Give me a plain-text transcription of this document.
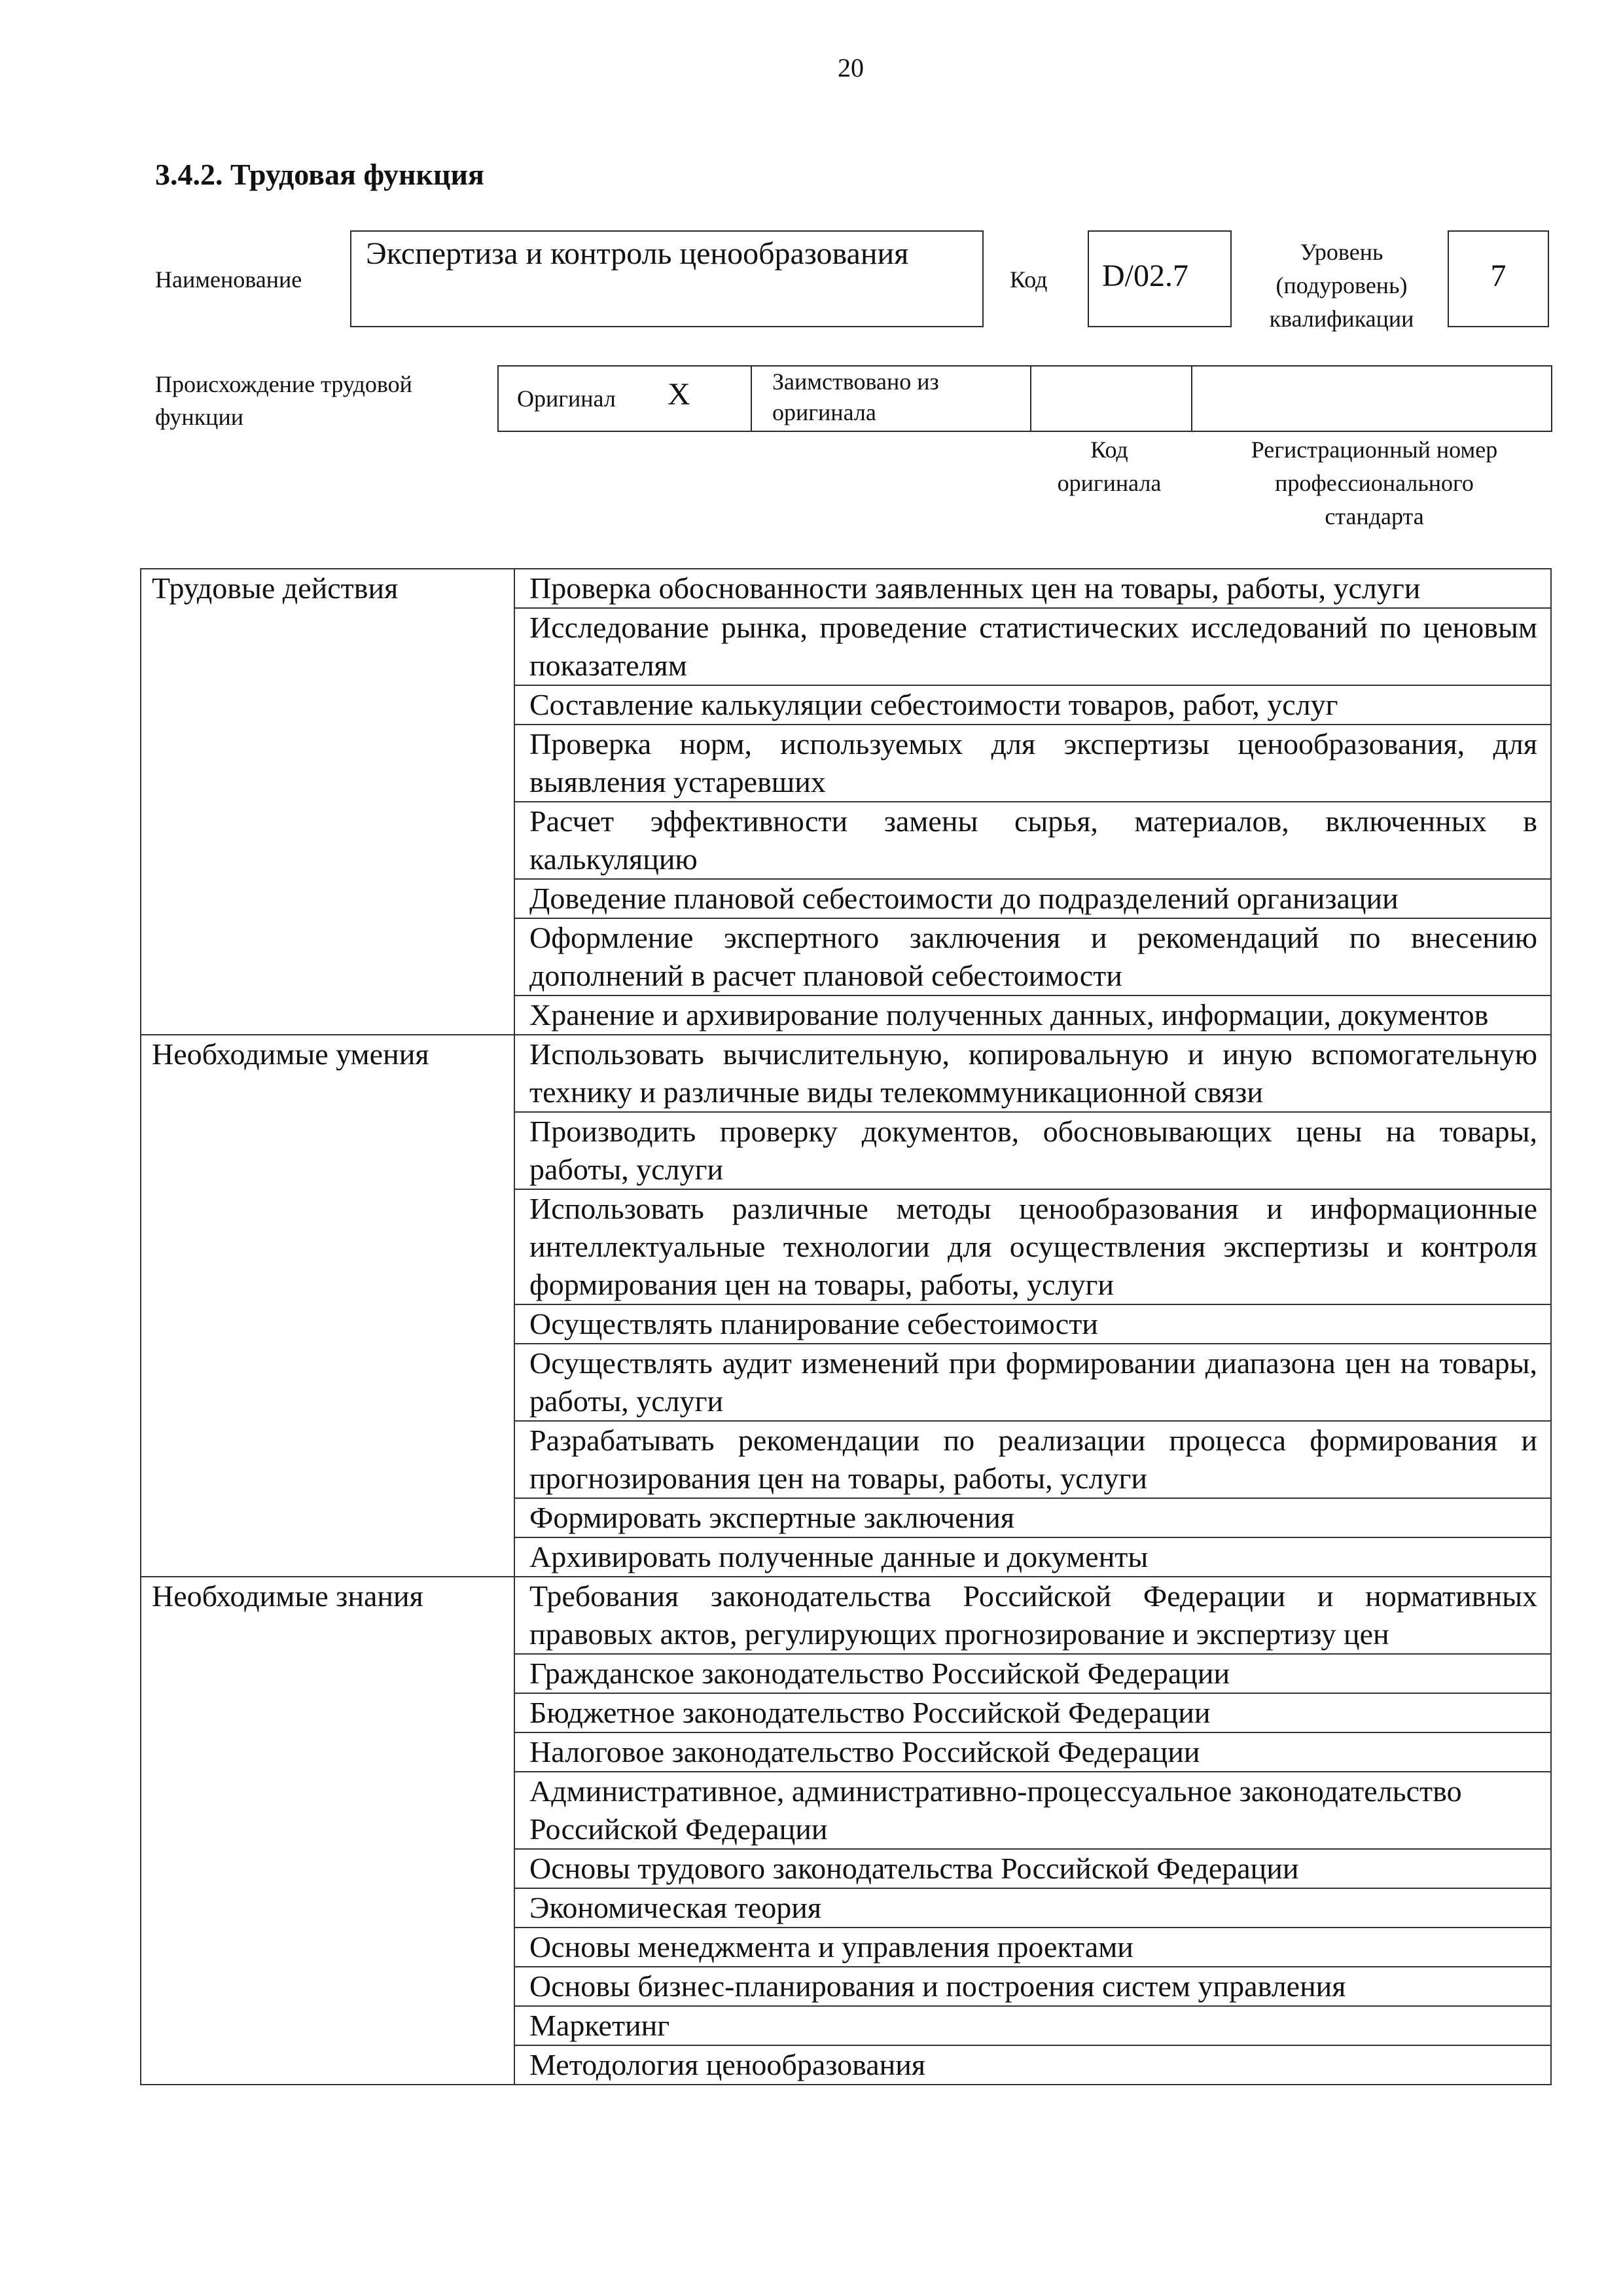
20
3.4.2. Трудовая функция
Наименование
Экспертиза и контроль ценообразования
Код D/02.7
Уровень
(подуровень)
квалификации
7
Происхождение трудовой
функции
Оригинал X	Заимствовано из
оригинала
Код
оригинала
Регистрационный номер
профессионального
стандарта
Трудовые действия	Проверка обоснованности заявленных цен на товары, работы, услуги
	Исследование рынка, проведение статистических исследований по ценовым показателям
	Составление калькуляции себестоимости товаров, работ, услуг
	Проверка норм, используемых для экспертизы ценообразования, для выявления устаревших
	Расчет эффективности замены сырья, материалов, включенных в калькуляцию
	Доведение плановой себестоимости до подразделений организации
	Оформление экспертного заключения и рекомендаций по внесению дополнений в расчет плановой себестоимости
	Хранение и архивирование полученных данных, информации, документов
Необходимые умения	Использовать вычислительную, копировальную и иную вспомогательную технику и различные виды телекоммуникационной связи
	Производить проверку документов, обосновывающих цены на товары, работы, услуги
	Использовать различные методы ценообразования и информационные интеллектуальные технологии для осуществления экспертизы и контроля формирования цен на товары, работы, услуги
	Осуществлять планирование себестоимости
	Осуществлять аудит изменений при формировании диапазона цен на товары, работы, услуги
	Разрабатывать рекомендации по реализации процесса формирования и прогнозирования цен на товары, работы, услуги
	Формировать экспертные заключения
	Архивировать полученные данные и документы
Необходимые знания	Требования законодательства Российской Федерации и нормативных правовых актов, регулирующих прогнозирование и экспертизу цен
	Гражданское законодательство Российской Федерации
	Бюджетное законодательство Российской Федерации
	Налоговое законодательство Российской Федерации
	Административное, административно-процессуальное законодательство Российской Федерации
	Основы трудового законодательства Российской Федерации
	Экономическая теория
	Основы менеджмента и управления проектами
	Основы бизнес-планирования и построения систем управления
	Маркетинг
	Методология ценообразования
